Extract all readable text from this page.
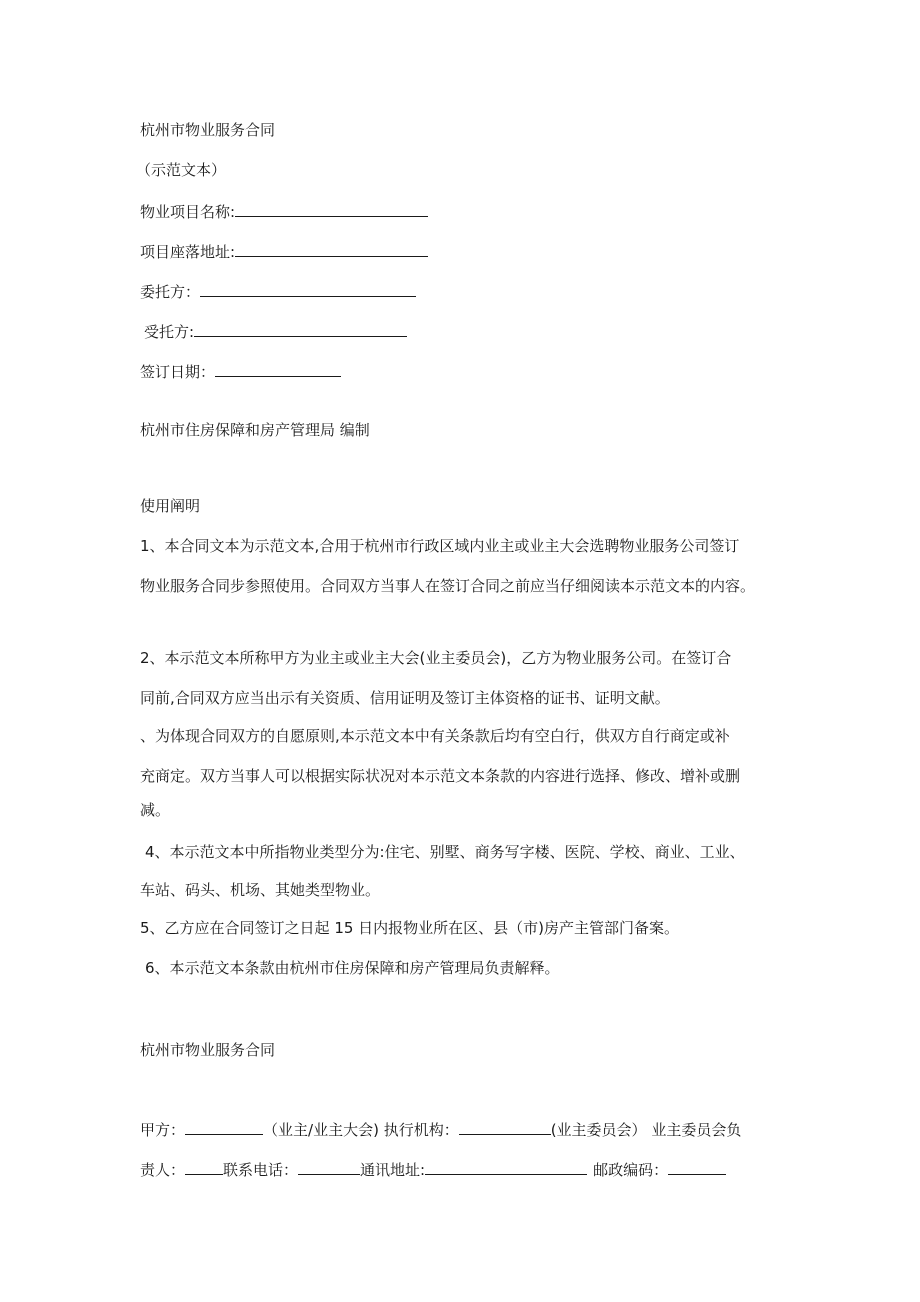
杭州市物业服务合同
（示范文本）
物业项目名称:
项目座落地址:
委托方：
受托方:
签订日期：
杭州市住房保障和房产管理局 编制
使用阐明
1、本合同文本为示范文本,合用于杭州市行政区域内业主或业主大会选聘物业服务公司签订
物业服务合同步参照使用。合同双方当事人在签订合同之前应当仔细阅读本示范文本的内容。
2、本示范文本所称甲方为业主或业主大会(业主委员会)，乙方为物业服务公司。在签订合
同前,合同双方应当出示有关资质、信用证明及签订主体资格的证书、证明文献。
、为体现合同双方的自愿原则,本示范文本中有关条款后均有空白行，供双方自行商定或补
充商定。双方当事人可以根据实际状况对本示范文本条款的内容进行选择、修改、增补或删
减。
4、本示范文本中所指物业类型分为:住宅、别墅、商务写字楼、医院、学校、商业、工业、
车站、码头、机场、其她类型物业。
5、乙方应在合同签订之日起 15 日内报物业所在区、县（市)房产主管部门备案。
6、本示范文本条款由杭州市住房保障和房产管理局负责解释。
杭州市物业服务合同
甲方：	（业主/业主大会) 执行机构：	(业主委员会） 业主委员会负
责人：	联系电话：	通讯地址:	邮政编码：
